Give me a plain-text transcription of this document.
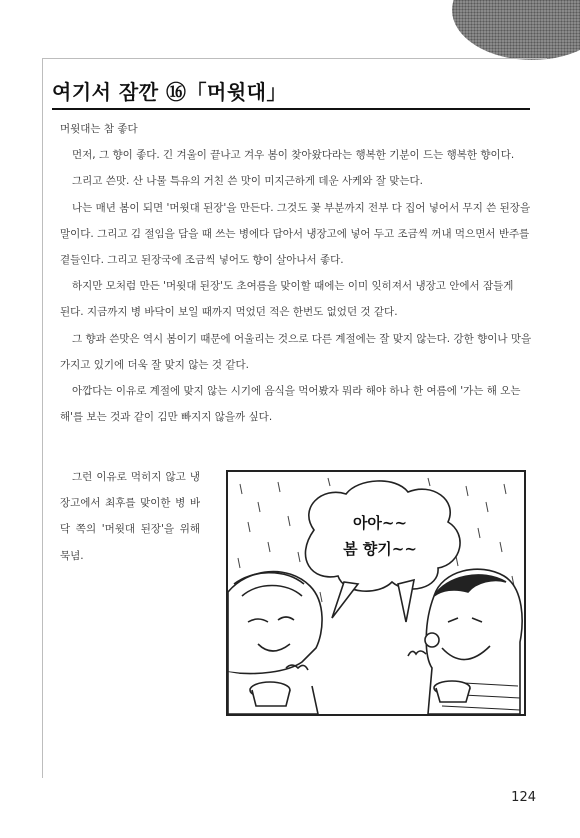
여기서 잠깐 ⑯「머윗대」

머윗대는 참 좋다

먼저, 그 향이 좋다. 긴 겨울이 끝나고 겨우 봄이 찾아왔다라는 행복한 기분이 드는 행복한 향이다.

그리고 쓴맛. 산 나물 특유의 거친 쓴 맛이 미지근하게 데운 사케와 잘 맞는다.

나는 매년 봄이 되면 '머윗대 된장'을 만든다. 그것도 꽃 부분까지 전부 다 집어 넣어서 무지 쓴 된장을 말이다. 그리고 김 절임을 담을 때 쓰는 병에다 담아서 냉장고에 넣어 두고 조금씩 꺼내 먹으면서 반주를 곁들인다. 그리고 된장국에 조금씩 넣어도 향이 살아나서 좋다.

하지만 모처럼 만든 '머윗대 된장'도 초여름을 맞이할 때에는 이미 잊히져서 냉장고 안에서 잠들게 된다. 지금까지 병 바닥이 보일 때까지 먹었던 적은 한번도 없었던 것 같다.

그 향과 쓴맛은 역시 봄이기 때문에 어울리는 것으로 다른 계절에는 잘 맞지 않는다. 강한 향이나 맛을 가지고 있기에 더욱 잘 맞지 않는 것 같다.

아깝다는 이유로 계절에 맞지 않는 시기에 음식을 먹어봤자 뭐라 해야 하나 한 여름에 '가는 해 오는 해'를 보는 것과 같이 김만 빠지지 않을까 싶다.

그런 이유로 먹히지 않고 냉장고에서 최후를 맞이한 병 바닥 쪽의 '머윗대 된장'을 위해 묵념.

아아~~
봄 향기~~
124
